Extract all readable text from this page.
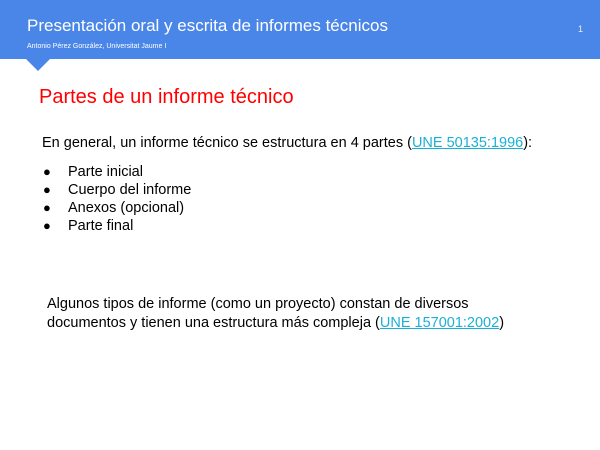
Presentación oral y escrita de informes técnicos
Antonio Pérez González, Universitat Jaume I
1
Partes de un informe técnico
En general, un informe técnico se estructura en 4 partes (UNE 50135:1996):
● Parte inicial
● Cuerpo del informe
● Anexos (opcional)
● Parte final
Algunos tipos de informe (como un proyecto) constan de diversos
documentos y tienen una estructura más compleja (UNE 157001:2002)
